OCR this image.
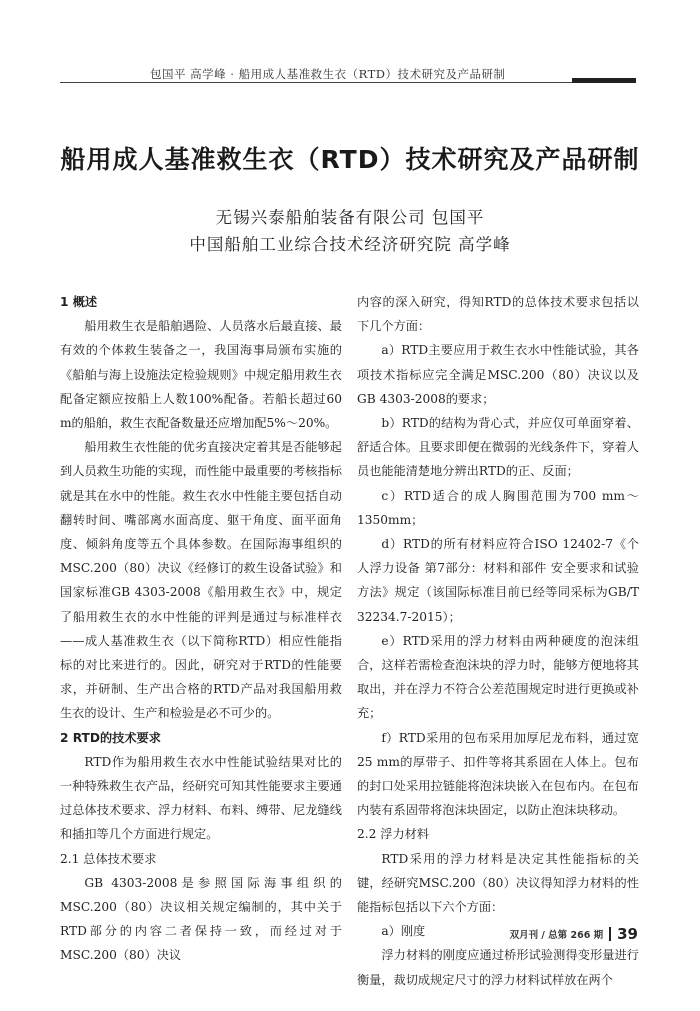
包国平 高学峰 · 船用成人基准救生衣（RTD）技术研究及产品研制
船用成人基准救生衣（RTD）技术研究及产品研制
无锡兴泰船舶装备有限公司 包国平
中国船舶工业综合技术经济研究院 高学峰
1 概述

船用救生衣是船舶遇险、人员落水后最直接、最有效的个体救生装备之一，我国海事局颁布实施的《船舶与海上设施法定检验规则》中规定船用救生衣配备定额应按船上人数100%配备。若船长超过60 m的船舶，救生衣配备数量还应增加配5%～20%。

船用救生衣性能的优劣直接决定着其是否能够起到人员救生功能的实现，而性能中最重要的考核指标就是其在水中的性能。救生衣水中性能主要包括自动翻转时间、嘴部离水面高度、躯干角度、面平面角度、倾斜角度等五个具体参数。在国际海事组织的MSC.200（80）决议《经修订的救生设备试验》和国家标准GB 4303-2008《船用救生衣》中，规定了船用救生衣的水中性能的评判是通过与标准样衣——成人基准救生衣（以下简称RTD）相应性能指标的对比来进行的。因此，研究对于RTD的性能要求，并研制、生产出合格的RTD产品对我国船用救生衣的设计、生产和检验是必不可少的。

2 RTD的技术要求

RTD作为船用救生衣水中性能试验结果对比的一种特殊救生衣产品，经研究可知其性能要求主要通过总体技术要求、浮力材料、布料、缚带、尼龙缝线和插扣等几个方面进行规定。

2.1 总体技术要求

GB 4303-2008是参照国际海事组织的MSC.200（80）决议相关规定编制的，其中关于RTD部分的内容二者保持一致，而经过对于MSC.200（80）决议

内容的深入研究，得知RTD的总体技术要求包括以下几个方面：

a）RTD主要应用于救生衣水中性能试验，其各项技术指标应完全满足MSC.200（80）决议以及GB 4303-2008的要求；

b）RTD的结构为背心式，并应仅可单面穿着、舒适合体。且要求即便在微弱的光线条件下，穿着人员也能能清楚地分辨出RTD的正、反面；

c）RTD适合的成人胸围范围为700 mm～1350mm；

d）RTD的所有材料应符合ISO 12402-7《个人浮力设备 第7部分：材料和部件 安全要求和试验方法》规定（该国际标准目前已经等同采标为GB/T 32234.7-2015）；

e）RTD采用的浮力材料由两种硬度的泡沫组合，这样若需检查泡沫块的浮力时，能够方便地将其取出，并在浮力不符合公差范围规定时进行更换或补充；

f）RTD采用的包布采用加厚尼龙布料，通过宽25 mm的厚带子、扣件等将其系固在人体上。包布的封口处采用拉链能将泡沫块嵌入在包布内。在包布内装有系固带将泡沫块固定，以防止泡沫块移动。

2.2 浮力材料

RTD采用的浮力材料是决定其性能指标的关键，经研究MSC.200（80）决议得知浮力材料的性能指标包括以下六个方面：

a）刚度

浮力材料的刚度应通过桥形试验测得变形量进行衡量，裁切成规定尺寸的浮力材料试样放在两个

双月刊 / 总第 266 期 39
